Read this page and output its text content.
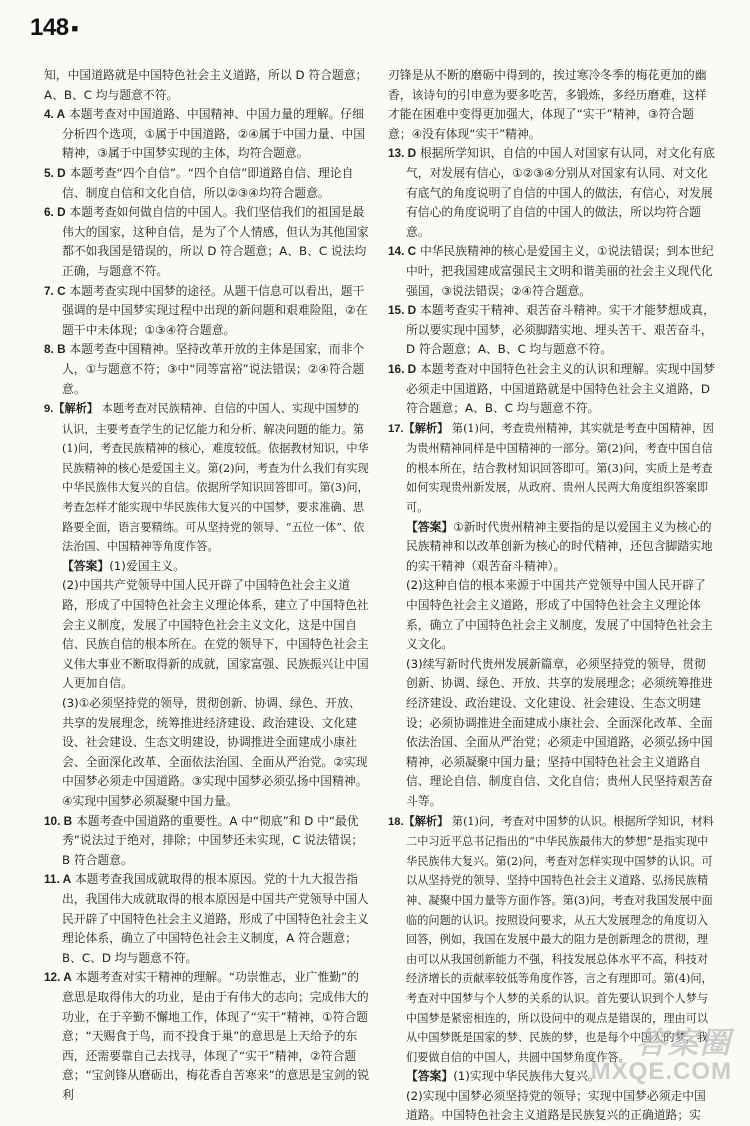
148 ■
知，中国道路就是中国特色社会主义道路，所以 D 符合题意；A、B、C 均与题意不符。
4. A 本题考查对中国道路、中国精神、中国力量的理解。仔细分析四个选项，①属于中国道路，②④属于中国力量、中国精神，③属于中国梦实现的主体，均符合题意。
5. D 本题考查“四个自信”。“四个自信”即道路自信、理论自信、制度自信和文化自信，所以②③④均符合题意。
6. D 本题考查如何做自信的中国人。我们坚信我们的祖国是最伟大的国家，这种自信，是为了个人情感，但认为其他国家都不如我国是错误的，所以 D 符合题意；A、B、C 说法均正确，与题意不符。
7. C 本题考查实现中国梦的途径。从题干信息可以看出，题干强调的是中国梦实现过程中出现的新问题和艰难险阻，②在题干中未体现；①③④符合题意。
8. B 本题考查中国精神。坚持改革开放的主体是国家，而非个人，①与题意不符；③中“同等富裕”说法错误；②④符合题意。
9.【解析】 本题考查对民族精神、自信的中国人、实现中国梦的认识，主要考查学生的记忆能力和分析、解决问题的能力。第(1)问，考查民族精神的核心，难度较低。依据教材知识，中华民族精神的核心是爱国主义。第(2)问，考查为什么我们有实现中华民族伟大复兴的自信。依据所学知识回答即可。第(3)问，考查怎样才能实现中华民族伟大复兴的中国梦，要求准确、思路要全面，语言要精练。可从坚持党的领导、“五位一体”、依法治国、中国精神等角度作答。
【答案】(1)爱国主义。
(2)中国共产党领导中国人民开辟了中国特色社会主义道路，形成了中国特色社会主义理论体系，建立了中国特色社会主义制度，发展了中国特色社会主义文化，这是中国自信、民族自信的根本所在。在党的领导下，中国特色社会主义伟大事业不断取得新的成就，国家富强、民族振兴让中国人更加自信。
(3)①必须坚持党的领导，贯彻创新、协调、绿色、开放、共享的发展理念，统筹推进经济建设、政治建设、文化建设、社会建设、生态文明建设，协调推进全面建成小康社会、全面深化改革、全面依法治国、全面从严治党。②实现中国梦必须走中国道路。③实现中国梦必须弘扬中国精神。④实现中国梦必须凝聚中国力量。
10. B 本题考查中国道路的重要性。A 中“彻底”和 D 中“最优秀”说法过于绝对，排除；中国梦还未实现，C 说法错误；B 符合题意。
11. A 本题考查我国成就取得的根本原因。党的十九大报告指出，我国伟大成就取得的根本原因是中国共产党领导中国人民开辟了中国特色社会主义道路，形成了中国特色社会主义理论体系，确立了中国特色社会主义制度，A 符合题意；B、C、D 均与题意不符。
12. A 本题考查对实干精神的理解。“功崇惟志，业广惟勤”的意思是取得伟大的功业，是由于有伟大的志向；完成伟大的功业，在于辛勤不懈地工作，体现了“实干”精神，①符合题意；“天赐食于鸟，而不投食于巢”的意思是上天给予的东西，还需要靠自己去找寻，体现了“实干”精神，②符合题意；“宝剑锋从磨砺出，梅花香自苦寒来”的意思是宝剑的锐利
刃锋是从不断的磨砺中得到的，挨过寒冷冬季的梅花更加的幽香，该诗句的引申意为要多吃苦，多锻炼，多经历磨难，这样才能在困难中变得更加强大，体现了“实干”精神，③符合题意；④没有体现“实干”精神。
13. D 根据所学知识，自信的中国人对国家有认同，对文化有底气，对发展有信心，①②③④分别从对国家有认同、对文化有底气的角度说明了自信的中国人的做法，有信心，对发展有信心的角度说明了自信的中国人的做法，所以均符合题意。
14. C 中华民族精神的核心是爱国主义，①说法错误；到本世纪中叶，把我国建成富强民主文明和谐美丽的社会主义现代化强国，③说法错误；②④符合题意。
15. D 本题考查实干精神、艰苦奋斗精神。实干才能梦想成真，所以要实现中国梦，必须脚踏实地、埋头苦干、艰苦奋斗，D 符合题意；A、B、C 均与题意不符。
16. D 本题考查对中国特色社会主义的认识和理解。实现中国梦必须走中国道路，中国道路就是中国特色社会主义道路，D 符合题意；A、B、C 均与题意不符。
17.【解析】 第(1)问，考查贵州精神，其实就是考查中国精神，因为贵州精神同样是中国精神的一部分。第(2)问，考查中国自信的根本所在，结合教材知识回答即可。第(3)问，实质上是考查如何实现贵州新发展，从政府、贵州人民两大角度组织答案即可。
【答案】①新时代贵州精神主要指的是以爱国主义为核心的民族精神和以改革创新为核心的时代精神，还包含脚踏实地的实干精神（艰苦奋斗精神）。
(2)这种自信的根本来源于中国共产党领导中国人民开辟了中国特色社会主义道路，形成了中国特色社会主义理论体系，确立了中国特色社会主义制度，发展了中国特色社会主义文化。
(3)续写新时代贵州发展新篇章，必须坚持党的领导，贯彻创新、协调、绿色、开放、共享的发展理念；必须统筹推进经济建设、政治建设、文化建设、社会建设、生态文明建设；必须协调推进全面建成小康社会、全面深化改革、全面依法治国、全面从严治党；必须走中国道路，必须弘扬中国精神，必须凝聚中国力量；坚持中国特色社会主义道路自信、理论自信、制度自信、文化自信；贵州人民坚持艰苦奋斗等。
18.【解析】 第(1)问，考查对中国梦的认识。根据所学知识，材料二中习近平总书记指出的“中华民族最伟大的梦想”是指实现中华民族伟大复兴。第(2)问，考查对怎样实现中国梦的认识。可以从坚持党的领导、坚持中国特色社会主义道路、弘扬民族精神、凝聚中国力量等方面作答。第(3)问，考查对我国发展中面临的问题的认识。按照设问要求，从五大发展理念的角度切入回答，例如，我国在发展中最大的阻力是创新理念的贯彻，理由可以从我国创新能力不强，科技发展总体水平不高，科技对经济增长的贡献率较低等角度作答，言之有理即可。第(4)问，考查对中国梦与个人梦的关系的认识。首先要认识到个人梦与中国梦是紧密相连的，所以设问中的观点是错误的，理由可以从中国梦既是国家的梦、民族的梦，也是每个中国人的梦，我们要做自信的中国人，共圆中国梦角度作答。
【答案】(1)实现中华民族伟大复兴。
(2)实现中国梦必须坚持党的领导；实现中国梦必须走中国道路。中国特色社会主义道路是民族复兴的正确道路；实
答案圈
MXQE.COM
